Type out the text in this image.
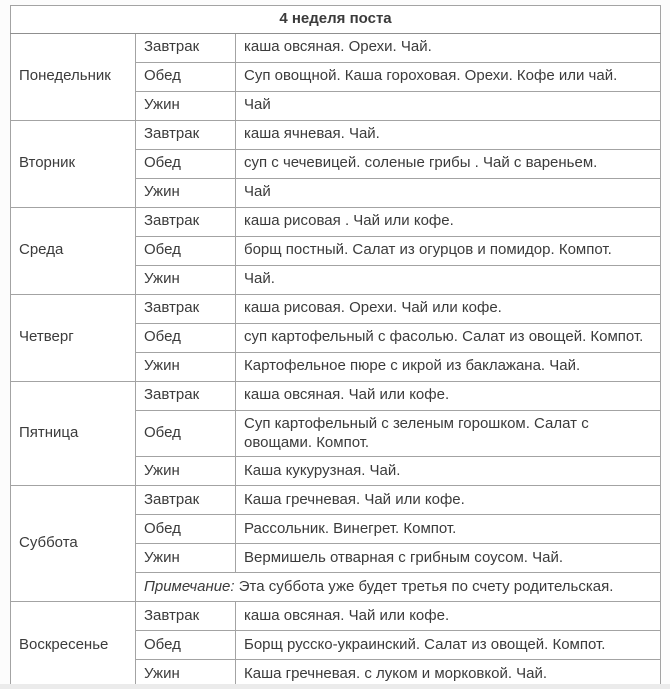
4 неделя поста		
Понедельник	Завтрак	каша овсяная. Орехи. Чай.
	Обед	Суп овощной. Каша гороховая. Орехи. Кофе или чай.
	Ужин	Чай
Вторник	Завтрак	каша ячневая. Чай.
	Обед	суп с чечевицей. соленые грибы . Чай с вареньем.
	Ужин	Чай
Среда	Завтрак	каша рисовая . Чай или кофе.
	Обед	борщ постный. Салат из огурцов и помидор. Компот.
	Ужин	Чай.
Четверг	Завтрак	каша рисовая. Орехи. Чай или кофе.
	Обед	суп картофельный с фасолью. Салат из овощей. Компот.
	Ужин	Картофельное пюре с икрой из баклажана. Чай.
Пятница	Завтрак	каша овсяная. Чай или кофе.
	Обед	Суп картофельный с зеленым горошком. Салат с овощами. Компот.
	Ужин	Каша кукурузная. Чай.
Суббота	Завтрак	Каша гречневая. Чай или кофе.
	Обед	Рассольник. Винегрет. Компот.
	Ужин	Вермишель отварная с грибным соусом. Чай.
	Примечание: Эта суббота уже будет третья по счету родительская.	
Воскресенье	Завтрак	каша овсяная. Чай или кофе.
	Обед	Борщ русско-украинский. Салат из овощей. Компот.
	Ужин	Каша гречневая. с луком и морковкой. Чай.
